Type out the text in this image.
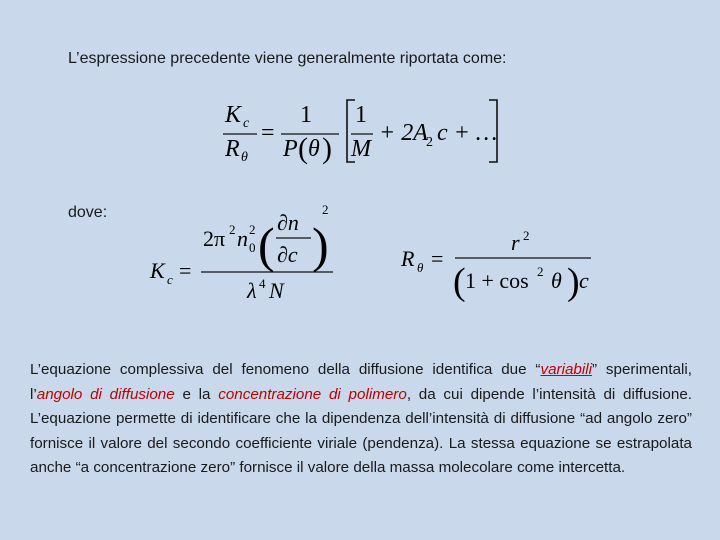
L’espressione precedente viene generalmente riportata come:
K c
R θ
=
1
P ( θ )
1
M
+ 2A
2 c + …
dove:
K c =
2π 2 n 2
0 ( ∂n
∂c )
2
λ 4 N
R θ =
r 2
( 1 + cos 2 θ ) c
L’equazione complessiva del fenomeno della diffusione identifica due “variabili” sperimentali, l’angolo di diffusione e la concentrazione di polimero, da cui dipende l’intensità di diffusione. L’equazione permette di identificare che la dipendenza dell’intensità di diffusione “ad angolo zero” fornisce il valore del secondo coefficiente viriale (pendenza). La stessa equazione se estrapolata anche “a concentrazione zero” fornisce il valore della massa molecolare come intercetta.
